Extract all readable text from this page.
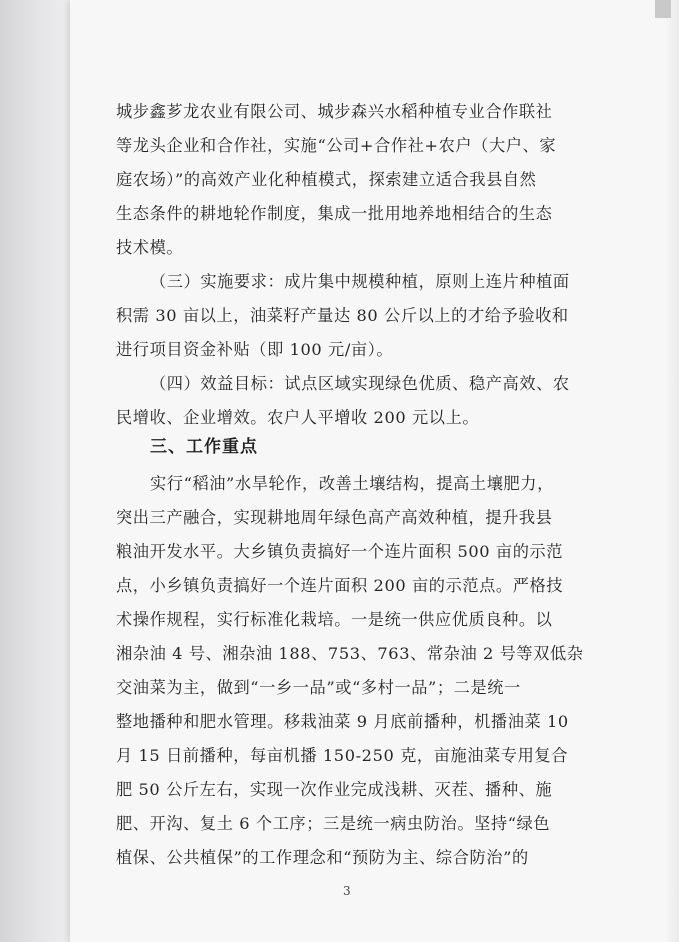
城步鑫芗龙农业有限公司、城步森兴水稻种植专业合作联社

等龙头企业和合作社，实施“公司+合作社+农户（大户、家

庭农场）”的高效产业化种植模式，探索建立适合我县自然

生态条件的耕地轮作制度，集成一批用地养地相结合的生态

技术模。

（三）实施要求：成片集中规模种植，原则上连片种植面

积需 30 亩以上，油菜籽产量达 80 公斤以上的才给予验收和

进行项目资金补贴（即 100 元/亩）。

（四）效益目标：试点区域实现绿色优质、稳产高效、农

民增收、企业增效。农户人平增收 200 元以上。

三、工作重点

实行“稻油”水旱轮作，改善土壤结构，提高土壤肥力，

突出三产融合，实现耕地周年绿色高产高效种植，提升我县

粮油开发水平。大乡镇负责搞好一个连片面积 500 亩的示范

点，小乡镇负责搞好一个连片面积 200 亩的示范点。严格技

术操作规程，实行标准化栽培。一是统一供应优质良种。以

湘杂油 4 号、湘杂油 188、753、763、常杂油 2 号等双低杂

交油菜为主，做到“一乡一品”或“多村一品”；二是统一

整地播种和肥水管理。移栽油菜 9 月底前播种，机播油菜 10

月 15 日前播种，每亩机播 150-250 克，亩施油菜专用复合

肥 50 公斤左右，实现一次作业完成浅耕、灭茬、播种、施

肥、开沟、复土 6 个工序；三是统一病虫防治。坚持“绿色

植保、公共植保”的工作理念和“预防为主、综合防治”的

3
